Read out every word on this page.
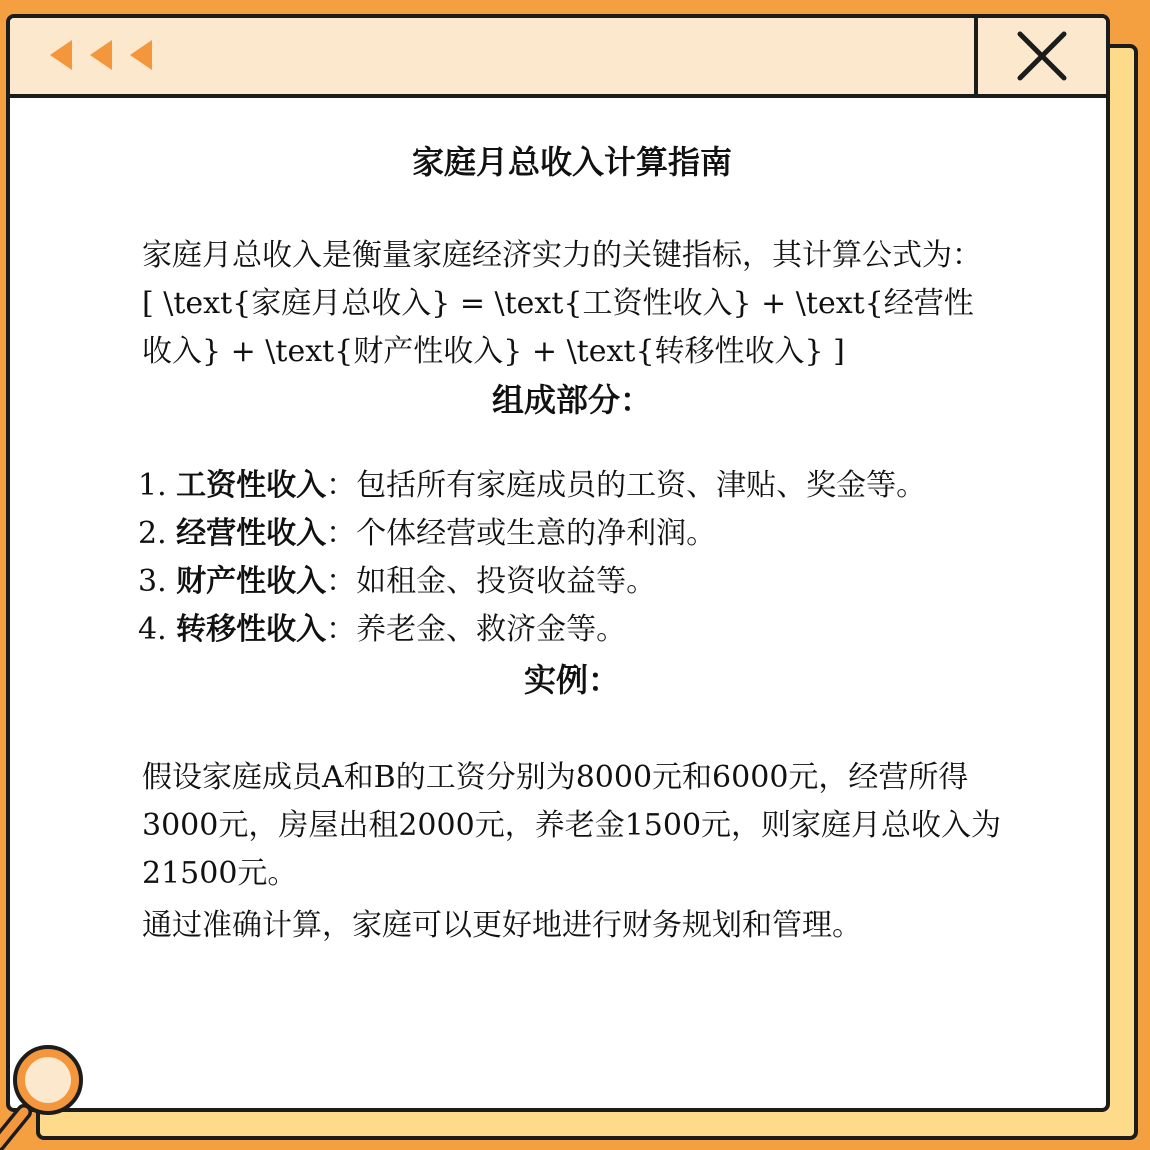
家庭月总收入计算指南

家庭月总收入是衡量家庭经济实力的关键指标，其计算公式为：

[ \text{家庭月总收入} = \text{工资性收入} + \text{经营性收入} + \text{财产性收入} + \text{转移性收入} ]

组成部分：
1. 工资性收入：包括所有家庭成员的工资、津贴、奖金等。
2. 经营性收入：个体经营或生意的净利润。
3. 财产性收入：如租金、投资收益等。
4. 转移性收入：养老金、救济金等。
实例：

假设家庭成员A和B的工资分别为8000元和6000元，经营所得3000元，房屋出租2000元，养老金1500元，则家庭月总收入为21500元。

通过准确计算，家庭可以更好地进行财务规划和管理。
